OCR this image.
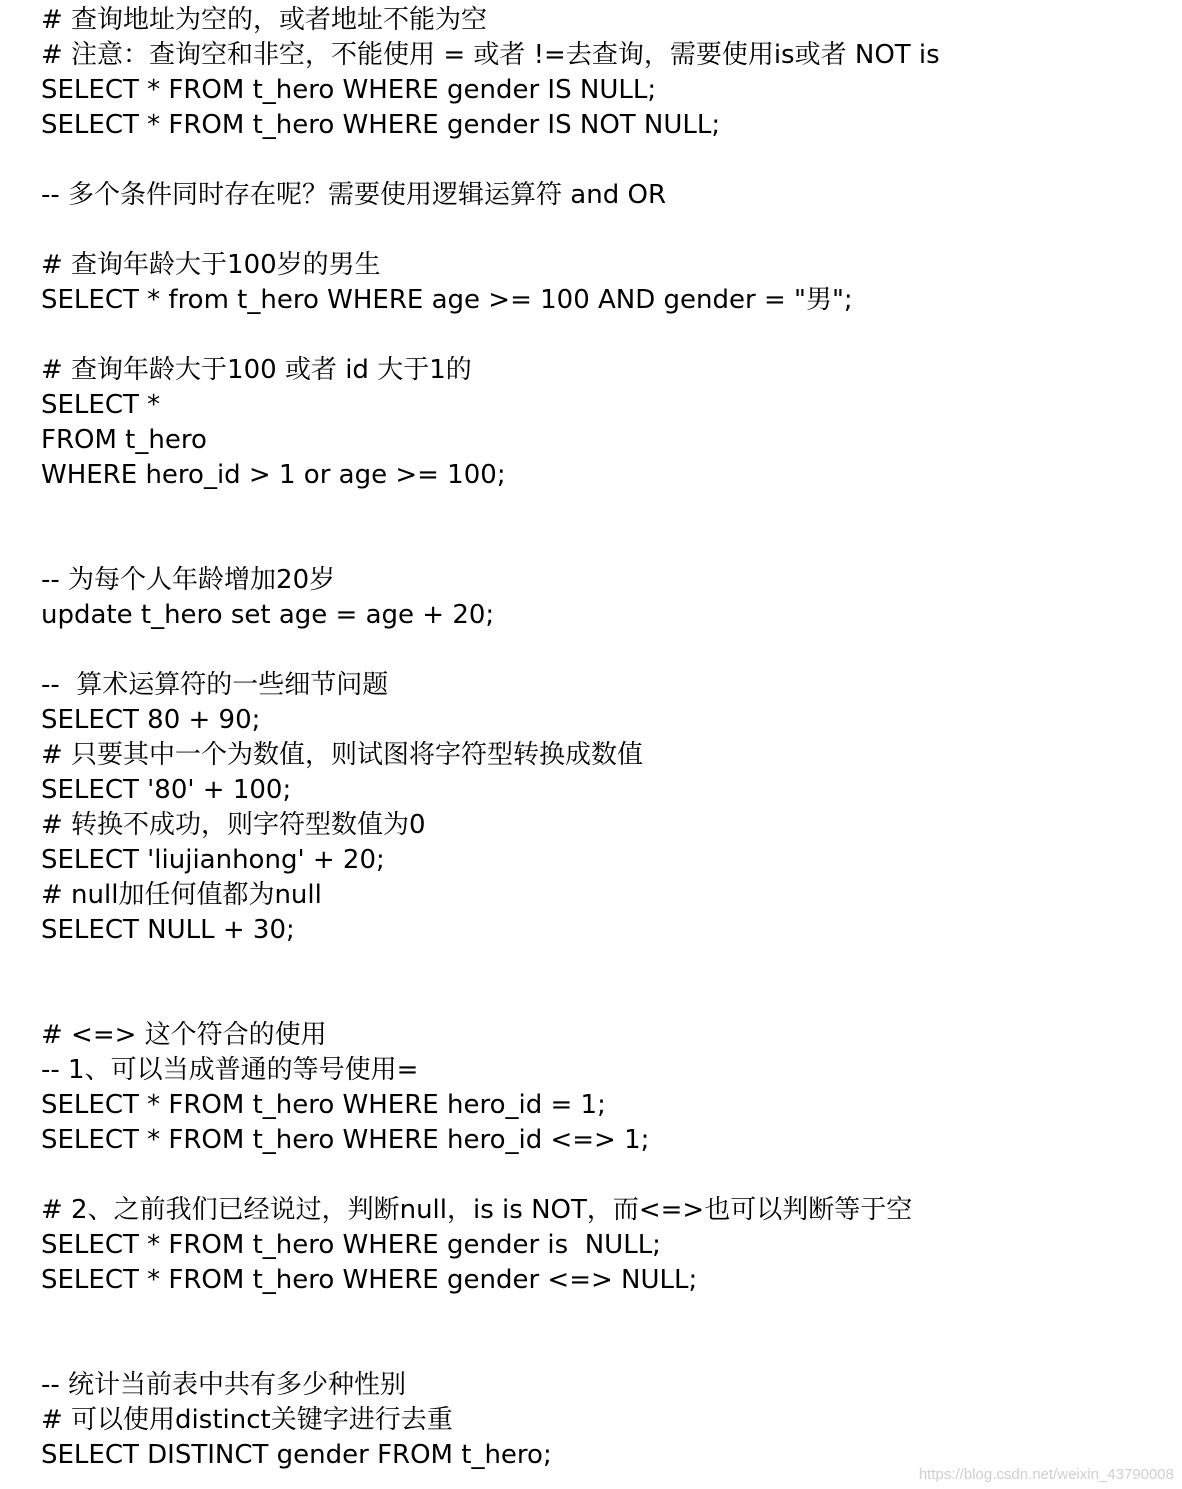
# 查询地址为空的，或者地址不能为空
# 注意：查询空和非空，不能使用 = 或者 !=去查询，需要使用is或者 NOT is
SELECT * FROM t_hero WHERE gender IS NULL;
SELECT * FROM t_hero WHERE gender IS NOT NULL;
-- 多个条件同时存在呢？需要使用逻辑运算符 and OR
# 查询年龄大于100岁的男生
SELECT * from t_hero WHERE age >= 100 AND gender = "男";
# 查询年龄大于100 或者 id 大于1的
SELECT *
FROM t_hero
WHERE hero_id > 1 or age >= 100;
-- 为每个人年龄增加20岁
update t_hero set age = age + 20;
--  算术运算符的一些细节问题
SELECT 80 + 90;
# 只要其中一个为数值，则试图将字符型转换成数值
SELECT '80' + 100;
# 转换不成功，则字符型数值为0
SELECT 'liujianhong' + 20;
# null加任何值都为null
SELECT NULL + 30;
# <=> 这个符合的使用
-- 1、可以当成普通的等号使用=
SELECT * FROM t_hero WHERE hero_id = 1;
SELECT * FROM t_hero WHERE hero_id <=> 1;
# 2、之前我们已经说过，判断null，is is NOT，而<=>也可以判断等于空
SELECT * FROM t_hero WHERE gender is  NULL;
SELECT * FROM t_hero WHERE gender <=> NULL;
-- 统计当前表中共有多少种性别
# 可以使用distinct关键字进行去重
SELECT DISTINCT gender FROM t_hero;
https://blog.csdn.net/weixin_43790008
